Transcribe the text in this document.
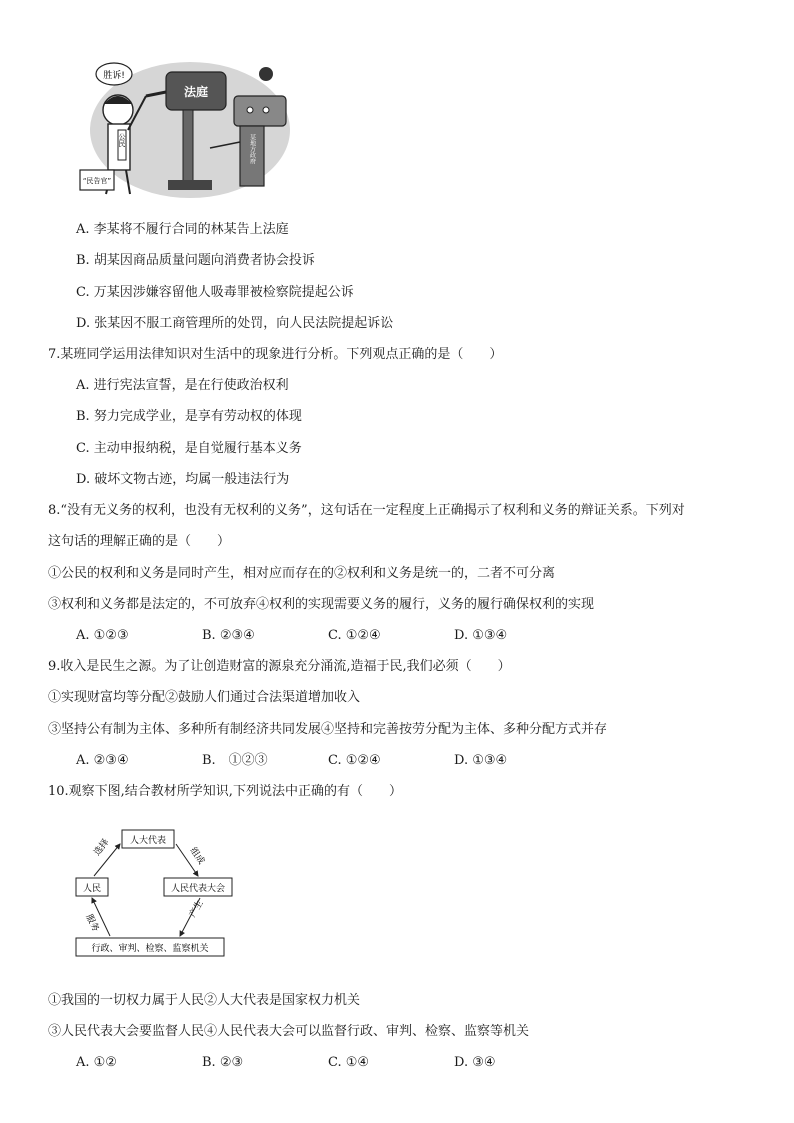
胜诉!
公民
“民告官”
法庭
某地方政府
A. 李某将不履行合同的林某告上法庭
B. 胡某因商品质量问题向消费者协会投诉
C. 万某因涉嫌容留他人吸毒罪被检察院提起公诉
D. 张某因不服工商管理所的处罚，向人民法院提起诉讼
7.某班同学运用法律知识对生活中的现象进行分析。下列观点正确的是（　　）
A. 进行宪法宣誓，是在行使政治权利
B. 努力完成学业，是享有劳动权的体现
C. 主动申报纳税，是自觉履行基本义务
D. 破坏文物古迹，均属一般违法行为
8.“没有无义务的权利，也没有无权利的义务”，这句话在一定程度上正确揭示了权利和义务的辩证关系。下列对
这句话的理解正确的是（　　）
①公民的权利和义务是同时产生，相对应而存在的②权利和义务是统一的，二者不可分离
③权利和义务都是法定的，不可放弃④权利的实现需要义务的履行，义务的履行确保权利的实现
A. ①②③	B. ②③④	C. ①②④	D. ①③④
9.收入是民生之源。为了让创造财富的源泉充分涌流,造福于民,我们必须（　　）
①实现财富均等分配②鼓励人们通过合法渠道增加收入
③坚持公有制为主体、多种所有制经济共同发展④坚持和完善按劳分配为主体、多种分配方式并存
A. ②③④	B.　①②③	C. ①②④	D. ①③④
10.观察下图,结合教材所学知识,下列说法中正确的有（　　）
人大代表
人民	人民代表大会
行政、审判、检察、监察机关
选择	组成
产生
服务
①我国的一切权力属于人民②人大代表是国家权力机关
③人民代表大会要监督人民④人民代表大会可以监督行政、审判、检察、监察等机关
A. ①②	B. ②③	C. ①④	D. ③④
